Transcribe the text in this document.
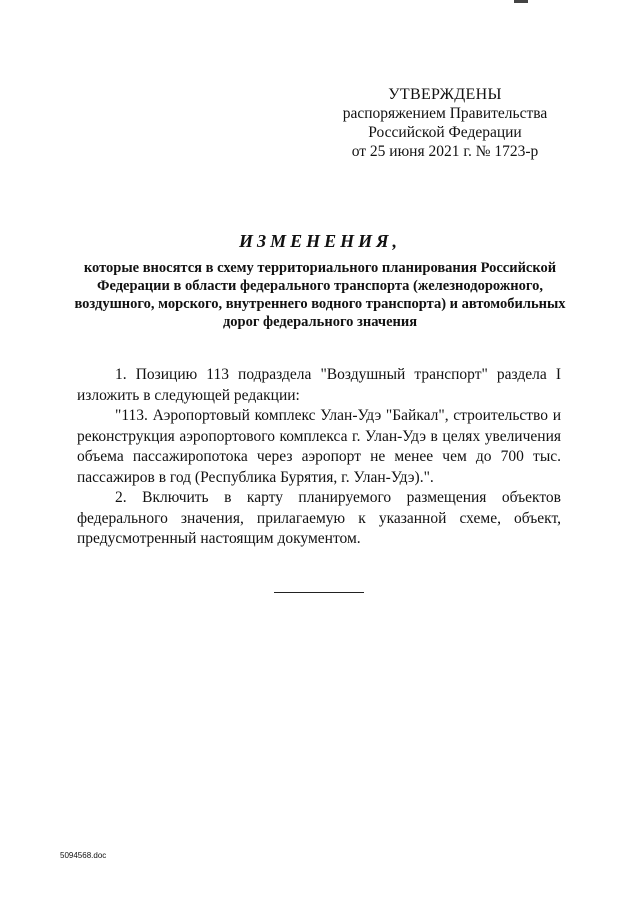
УТВЕРЖДЕНЫ
распоряжением Правительства
Российской Федерации
от 25 июня 2021 г. № 1723-р
ИЗМЕНЕНИЯ,
которые вносятся в схему территориального планирования Российской Федерации в области федерального транспорта (железнодорожного, воздушного, морского, внутреннего водного транспорта) и автомобильных дорог федерального значения

1. Позицию 113 подраздела "Воздушный транспорт" раздела I изложить в следующей редакции:

"113. Аэропортовый комплекс Улан-Удэ "Байкал", строительство и реконструкция аэропортового комплекса г. Улан-Удэ в целях увеличения объема пассажиропотока через аэропорт не менее чем до 700 тыс. пассажиров в год (Республика Бурятия, г. Улан-Удэ).".

2. Включить в карту планируемого размещения объектов федерального значения, прилагаемую к указанной схеме, объект, предусмотренный настоящим документом.

5094568.doc
